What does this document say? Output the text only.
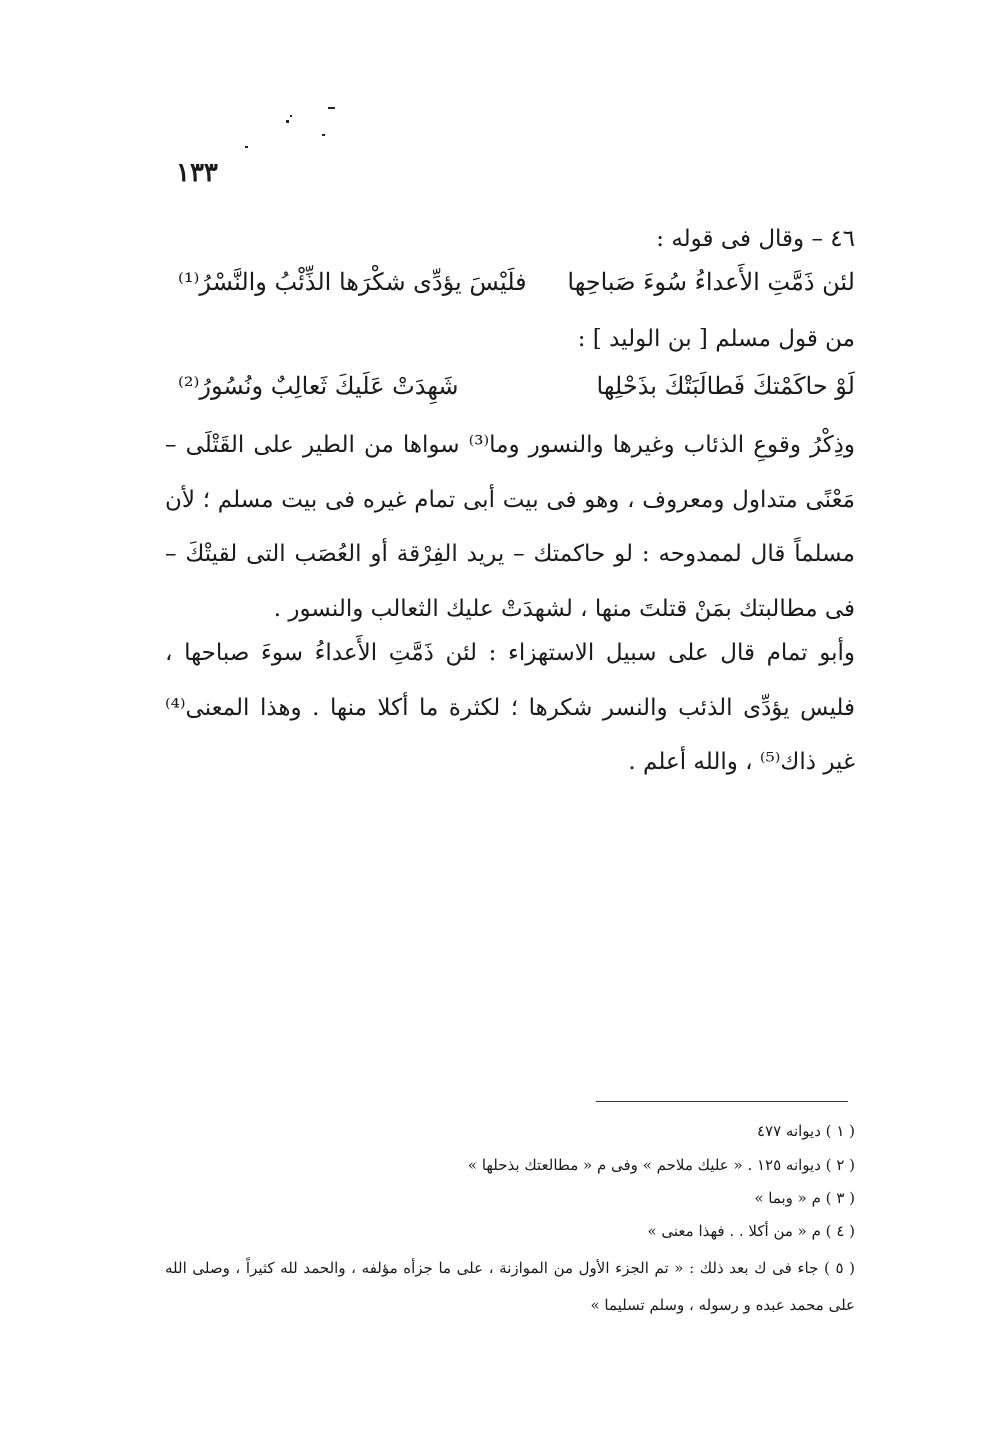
١٣٣
٤٦ – وقال فى قوله :
لئن ذَمَّتِ الأَعداءُ سُوءَ صَباحِها
فلَيْسَ يؤدِّى شكْرَها الذِّئْبُ والنَّسْرُ⁽¹⁾
من قول مسلم [ بن الوليد ] :
لَوْ حاكَمْتكَ فَطالَبَتْكَ بذَحْلِها
شَهِدَتْ عَلَيكَ ثَعالِبٌ ونُسُورُ⁽²⁾
وذِكْرُ وقوعِ الذئاب وغيرها والنسور وما⁽³⁾ سواها من الطير على القَتْلَى – مَعْنًى متداول ومعروف ، وهو فى بيت أبى تمام غيره فى بيت مسلم ؛ لأن مسلماً قال لممدوحه : لو حاكمتك – يريد الفِرْقة أو العُصَب التى لقيتْكَ – فى مطالبتك بمَنْ قتلتَ منها ، لشهدَتْ عليك الثعالب والنسور .
وأبو تمام قال على سبيل الاستهزاء : لئن ذَمَّتِ الأَعداءُ سوءَ صباحها ، فليس يؤدِّى الذئب والنسر شكرها ؛ لكثرة ما أكلا منها . وهذا المعنى⁽⁴⁾ غير ذاك⁽⁵⁾ ، والله أعلم .
( ١ ) ديوانه ٤٧٧
( ٢ ) ديوانه ١٢٥ . « عليك ملاحم » وفى م « مطالعتك بذحلها »
( ٣ ) م « وبما »
( ٤ ) م « من أكلا . . فهذا معنى »
( ٥ ) جاء فى ك بعد ذلك : « تم الجزء الأول من الموازنة ، على ما جزأه مؤلفه ، والحمد لله كثيراً ، وصلى الله على محمد عبده و رسوله ، وسلم تسليما »
